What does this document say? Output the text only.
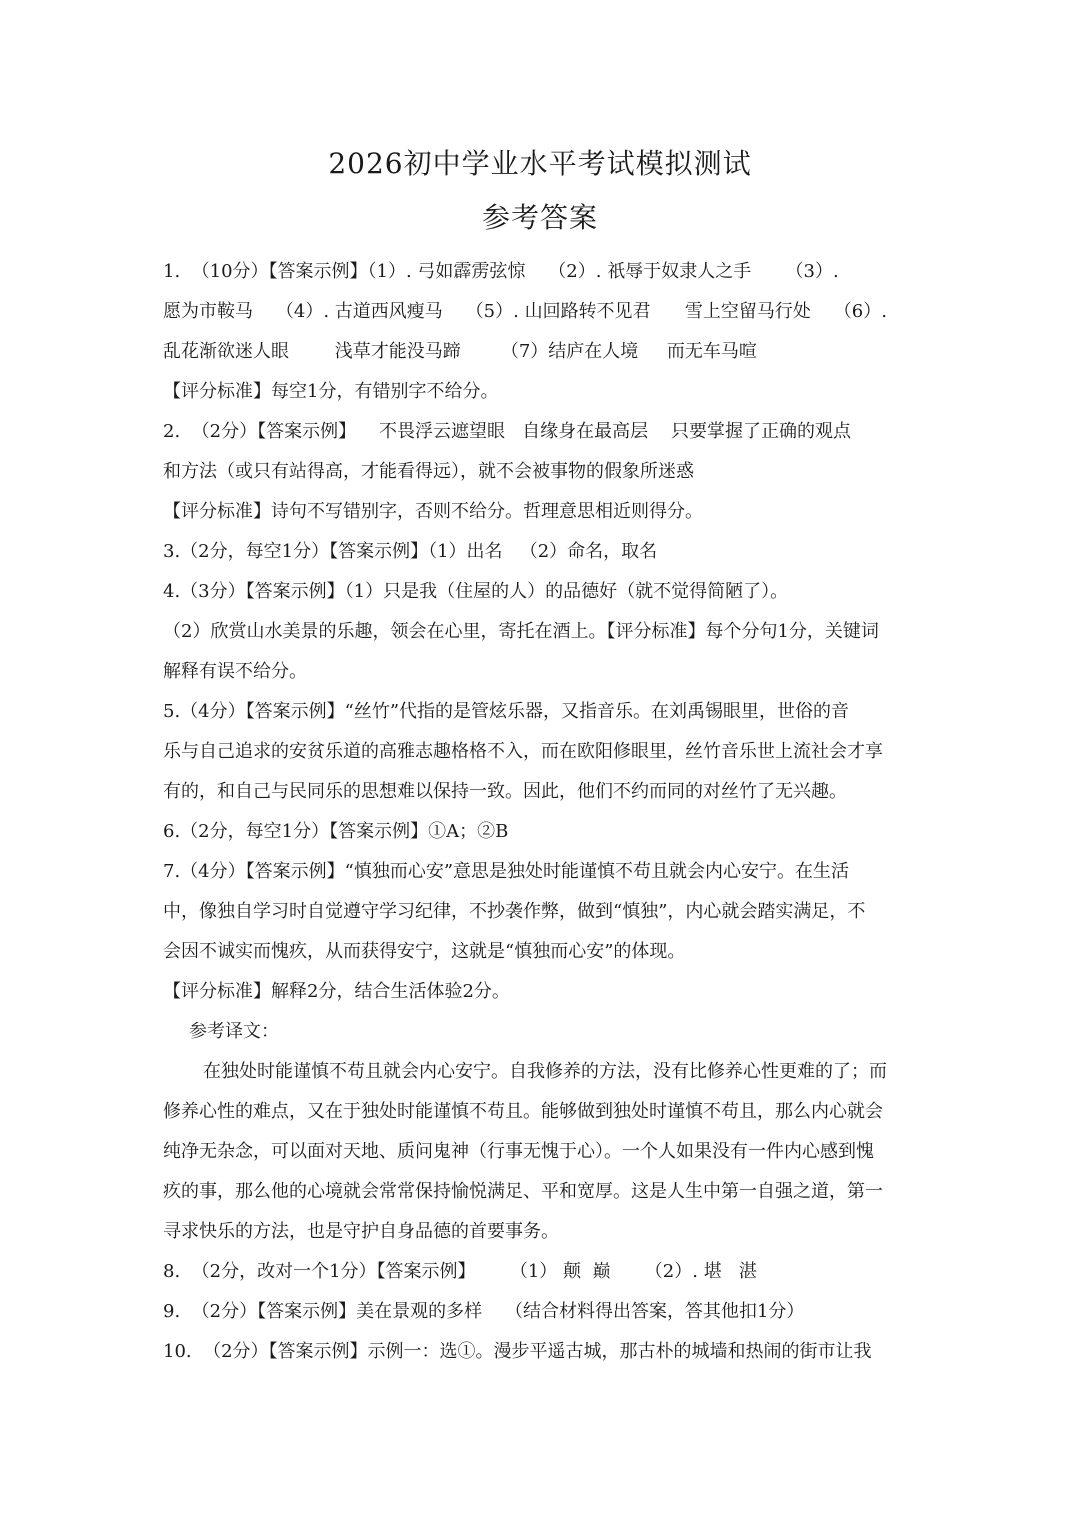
2026初中学业水平考试模拟测试
参考答案
1.  （10分）【答案示例】（1）. 弓如霹雳弦惊    （2）. 祇辱于奴隶人之手      （3）.
愿为市鞍马    （4）. 古道西风瘦马    （5）. 山回路转不见君      雪上空留马行处    （6）.
乱花渐欲迷人眼        浅草才能没马蹄       （7）结庐在人境     而无车马喧
【评分标准】每空1分，有错别字不给分。
2.  （2分）【答案示例】    不畏浮云遮望眼   自缘身在最高层    只要掌握了正确的观点
和方法（或只有站得高，才能看得远），就不会被事物的假象所迷惑
【评分标准】诗句不写错别字，否则不给分。哲理意思相近则得分。
3.（2分，每空1分）【答案示例】（1）出名   （2）命名，取名
4.（3分）【答案示例】（1）只是我（住屋的人）的品德好（就不觉得简陋了）。
（2）欣赏山水美景的乐趣，领会在心里，寄托在酒上。【评分标准】每个分句1分，关键词
解释有误不给分。
5.（4分）【答案示例】“丝竹”代指的是管炫乐器，又指音乐。在刘禹锡眼里，世俗的音
乐与自己追求的安贫乐道的高雅志趣格格不入，而在欧阳修眼里，丝竹音乐世上流社会才享
有的，和自己与民同乐的思想难以保持一致。因此，他们不约而同的对丝竹了无兴趣。
6.（2分，每空1分）【答案示例】①A；②B
7.（4分）【答案示例】“慎独而心安”意思是独处时能谨慎不苟且就会内心安宁。在生活
中，像独自学习时自觉遵守学习纪律，不抄袭作弊，做到“慎独”，内心就会踏实满足，不
会因不诚实而愧疚，从而获得安宁，这就是“慎独而心安”的体现。
【评分标准】解释2分，结合生活体验2分。
参考译文：
在独处时能谨慎不苟且就会内心安宁。自我修养的方法，没有比修养心性更难的了；而
修养心性的难点，又在于独处时能谨慎不苟且。能够做到独处时谨慎不苟且，那么内心就会
纯净无杂念，可以面对天地、质问鬼神（行事无愧于心）。一个人如果没有一件内心感到愧
疚的事，那么他的心境就会常常保持愉悦满足、平和宽厚。这是人生中第一自强之道，第一
寻求快乐的方法，也是守护自身品德的首要事务。
8.  （2分，改对一个1分）【答案示例】      （1） 颠  巅      （2）. 堪   湛
9.  （2分）【答案示例】美在景观的多样    （结合材料得出答案，答其他扣1分）
10.  （2分）【答案示例】示例一：选①。漫步平遥古城，那古朴的城墙和热闹的街市让我
